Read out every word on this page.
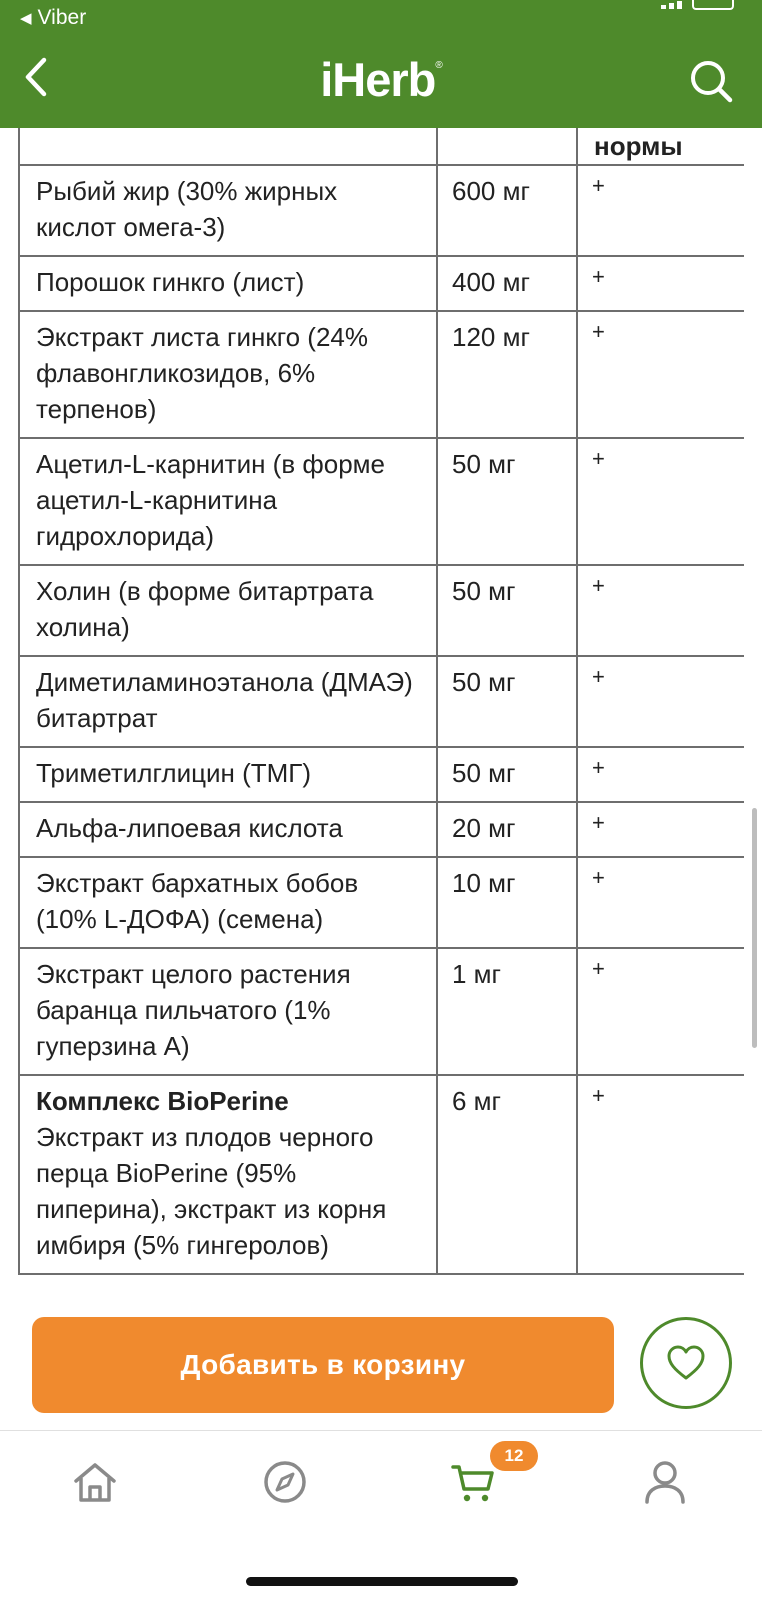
◀ Viber
iHerb®
		нормы
Рыбий жир (30% жирных кислот омега-3)	600 мг	+
Порошок гинкго (лист)	400 мг	+
Экстракт листа гинкго (24% флавонгликозидов, 6% терпенов)	120 мг	+
Ацетил-L-карнитин (в форме ацетил-L-карнитина гидрохлорида)	50 мг	+
Холин (в форме битартрата холина)	50 мг	+
Диметиламиноэтанола (ДМАЭ) битартрат	50 мг	+
Триметилглицин (ТМГ)	50 мг	+
Альфа-липоевая кислота	20 мг	+
Экстракт бархатных бобов (10% L-ДОФА) (семена)	10 мг	+
Экстракт целого растения баранца пильчатого (1% гуперзина А)	1 мг	+

Комплекс BioPerine
Экстракт из плодов черного перца BioPerine (95% пиперина), экстракт из корня имбиря (5% гингеролов)	6 мг	+
Добавить в корзину
12
